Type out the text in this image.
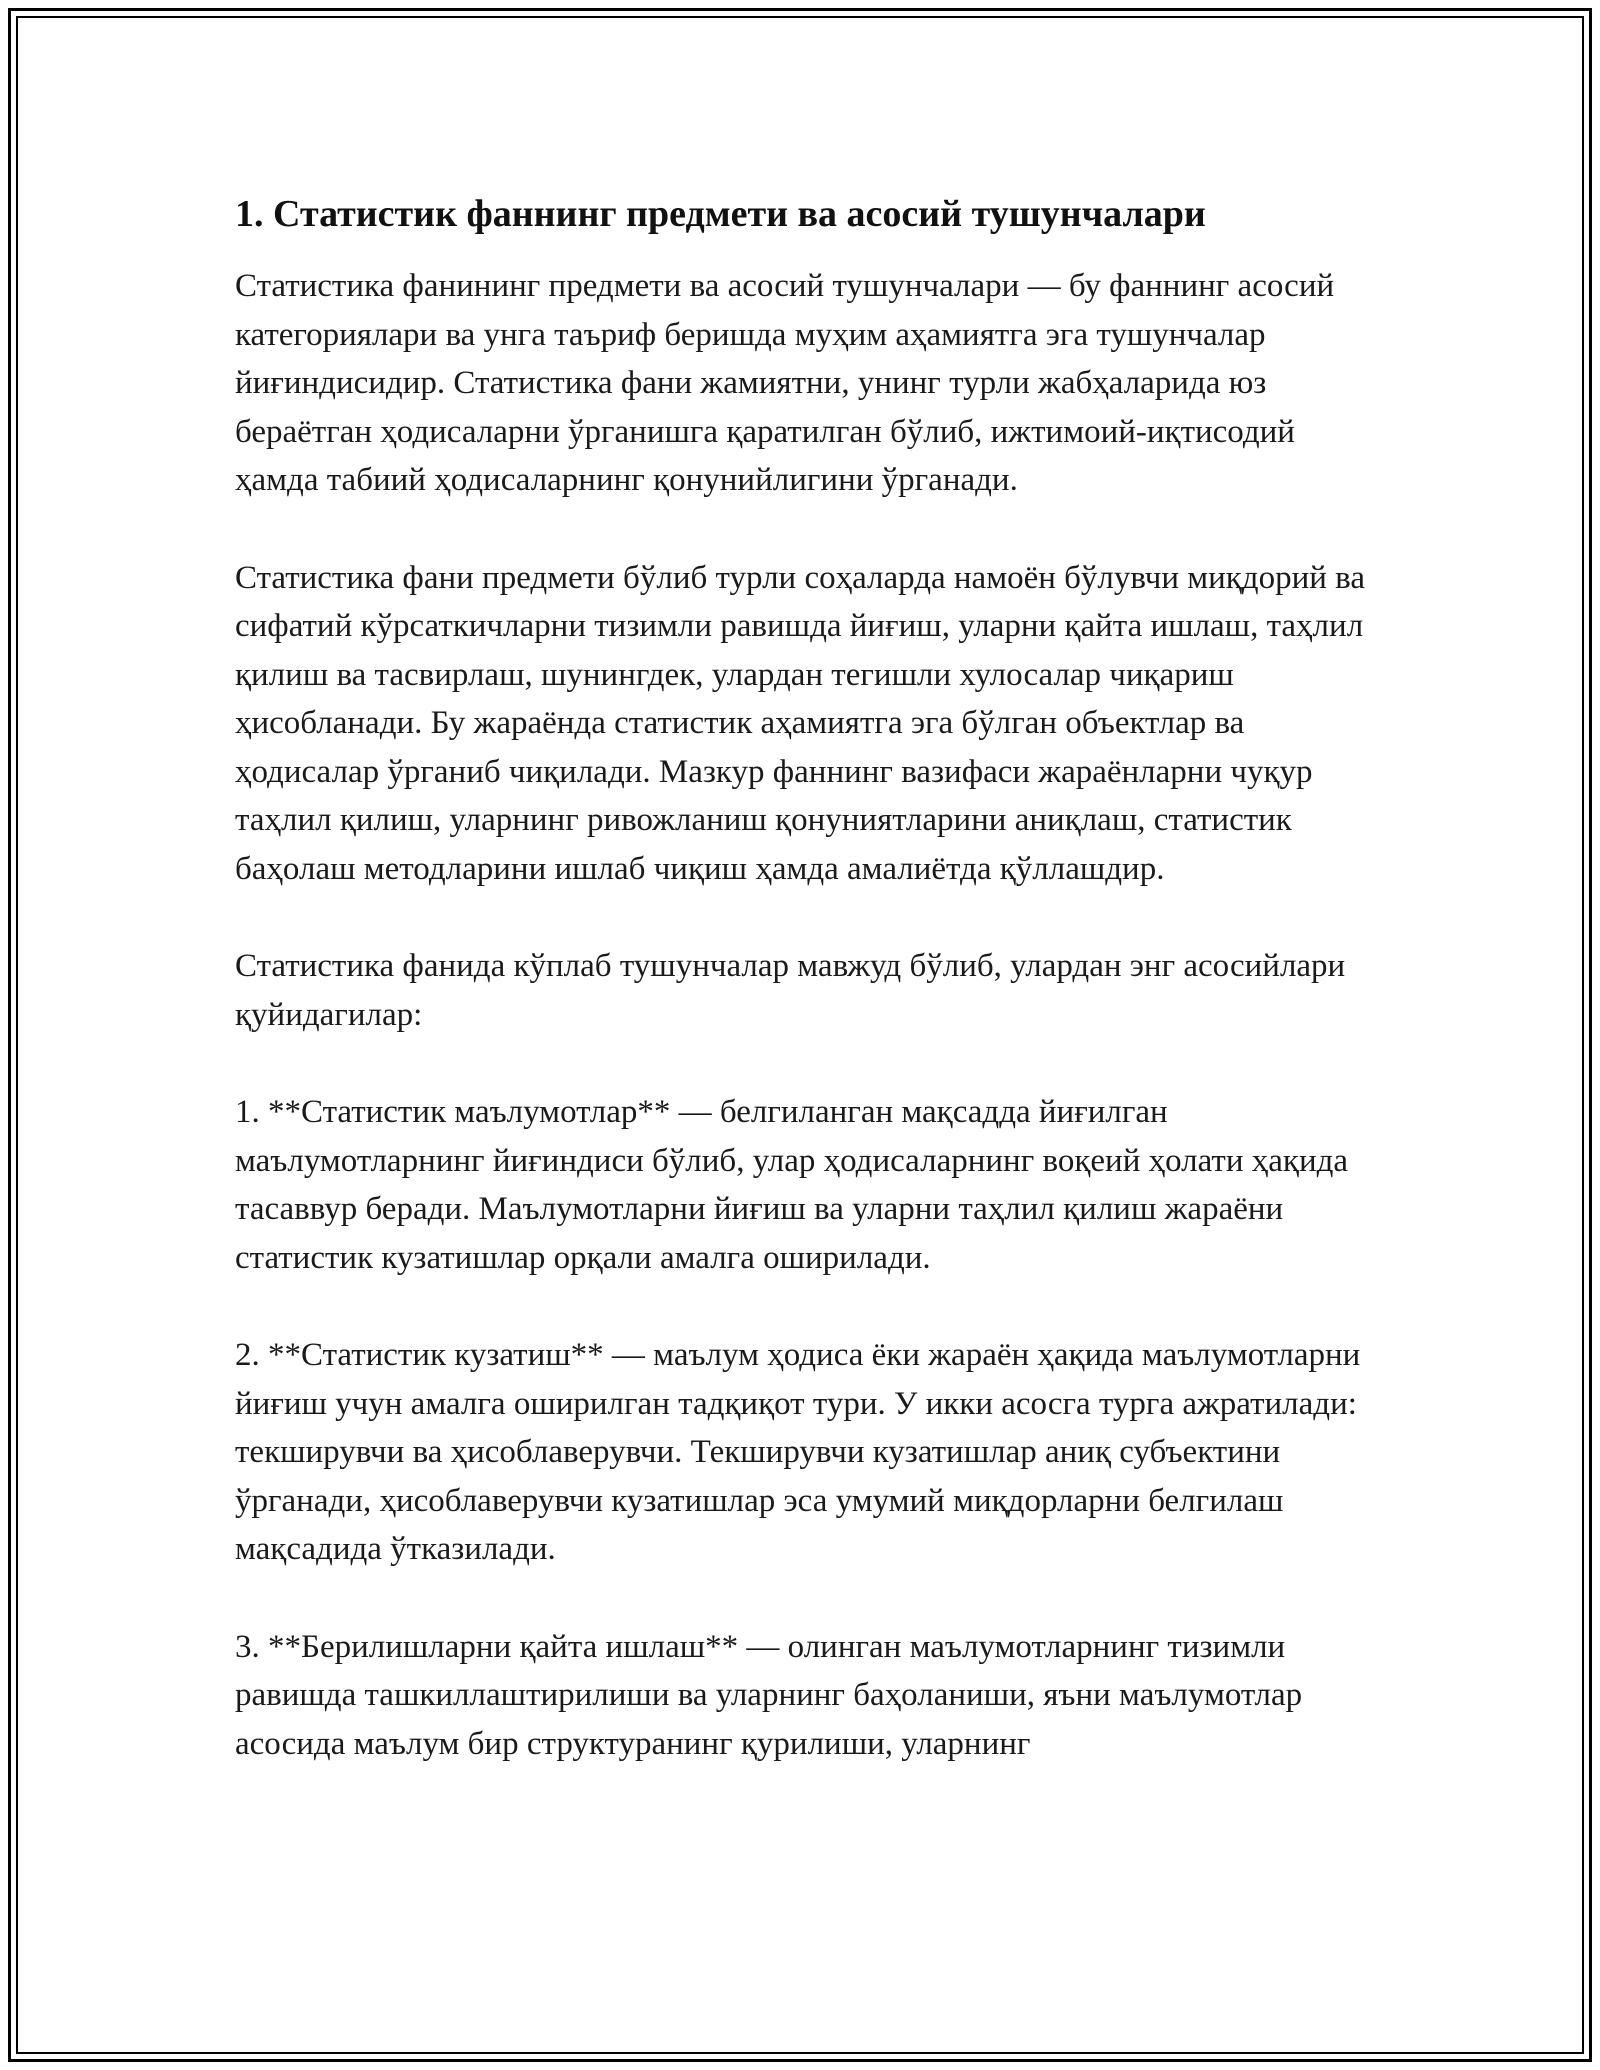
1. Статистик фаннинг предмети ва асосий тушунчалари

Статистика фанининг предмети ва асосий тушунчалари — бу фаннинг асосий категориялари ва унга таъриф беришда муҳим аҳамиятга эга тушунчалар йиғиндисидир. Статистика фани жамиятни, унинг турли жабҳаларида юз бераётган ҳодисаларни ўрганишга қаратилган бўлиб, ижтимоий-иқтисодий ҳамда табиий ҳодисаларнинг қонунийлигини ўрганади.

Статистика фани предмети бўлиб турли соҳаларда намоён бўлувчи миқдорий ва сифатий кўрсаткичларни тизимли равишда йиғиш, уларни қайта ишлаш, таҳлил қилиш ва тасвирлаш, шунингдек, улардан тегишли хулосалар чиқариш ҳисобланади. Бу жараёнда статистик аҳамиятга эга бўлган объектлар ва ҳодисалар ўрганиб чиқилади. Мазкур фаннинг вазифаси жараёнларни чуқур таҳлил қилиш, уларнинг ривожланиш қонуниятларини аниқлаш, статистик баҳолаш методларини ишлаб чиқиш ҳамда амалиётда қўллашдир.

Статистика фанида кўплаб тушунчалар мавжуд бўлиб, улардан энг асосийлари қуйидагилар:

1. **Статистик маълумотлар** — белгиланган мақсадда йиғилган маълумотларнинг йиғиндиси бўлиб, улар ҳодисаларнинг воқеий ҳолати ҳақида тасаввур беради. Маълумотларни йиғиш ва уларни таҳлил қилиш жараёни статистик кузатишлар орқали амалга оширилади.

2. **Статистик кузатиш** — маълум ҳодиса ёки жараён ҳақида маълумотларни йиғиш учун амалга оширилган тадқиқот тури. У икки асосга турга ажратилади: текширувчи ва ҳисоблаверувчи. Текширувчи кузатишлар аниқ субъектини ўрганади, ҳисоблаверувчи кузатишлар эса умумий миқдорларни белгилаш мақсадида ўтказилади.

3. **Берилишларни қайта ишлаш** — олинган маълумотларнинг тизимли равишда ташкиллаштирилиши ва уларнинг баҳоланиши, яъни маълумотлар асосида маълум бир структуранинг қурилиши, уларнинг
